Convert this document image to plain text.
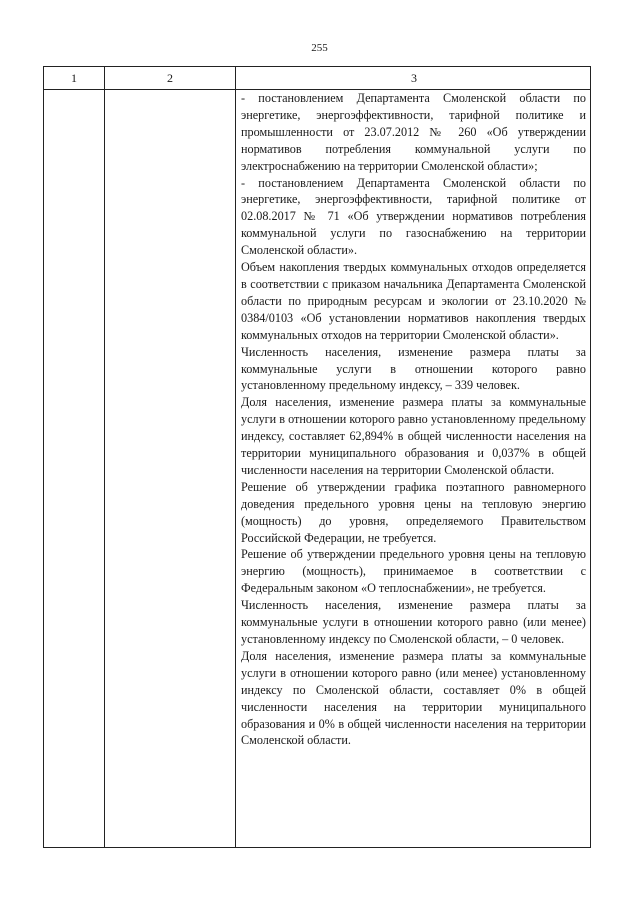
255
1	2	3

- постановлением Департамента Смоленской области по энергетике, энергоэффективности, тарифной политике и промышленности от 23.07.2012 № 260 «Об утверждении нормативов потребления коммунальной услуги по электроснабжению на территории Смоленской области»;

- постановлением Департамента Смоленской области по энергетике, энергоэффективности, тарифной политике от 02.08.2017 № 71 «Об утверждении нормативов потребления коммунальной услуги по газоснабжению на территории Смоленской области».

Объем накопления твердых коммунальных отходов определяется в соответствии с приказом начальника Департамента Смоленской области по природным ресурсам и экологии от 23.10.2020 № 0384/0103 «Об установлении нормативов накопления твердых коммунальных отходов на территории Смоленской области».

Численность населения, изменение размера платы за коммунальные услуги в отношении которого равно установленному предельному индексу, – 339 человек.

Доля населения, изменение размера платы за коммунальные услуги в отношении которого равно установленному предельному индексу, составляет 62,894% в общей численности населения на территории муниципального образования и 0,037% в общей численности населения на территории Смоленской области.

Решение об утверждении графика поэтапного равномерного доведения предельного уровня цены на тепловую энергию (мощность) до уровня, определяемого Правительством Российской Федерации, не требуется.

Решение об утверждении предельного уровня цены на тепловую энергию (мощность), принимаемое в соответствии с Федеральным законом «О теплоснабжении», не требуется.

Численность населения, изменение размера платы за коммунальные услуги в отношении которого равно (или менее) установленному индексу по Смоленской области, – 0 человек.

Доля населения, изменение размера платы за коммунальные услуги в отношении которого равно (или менее) установленному индексу по Смоленской области, составляет 0% в общей численности населения на территории муниципального образования и 0% в общей численности населения на территории Смоленской области.
